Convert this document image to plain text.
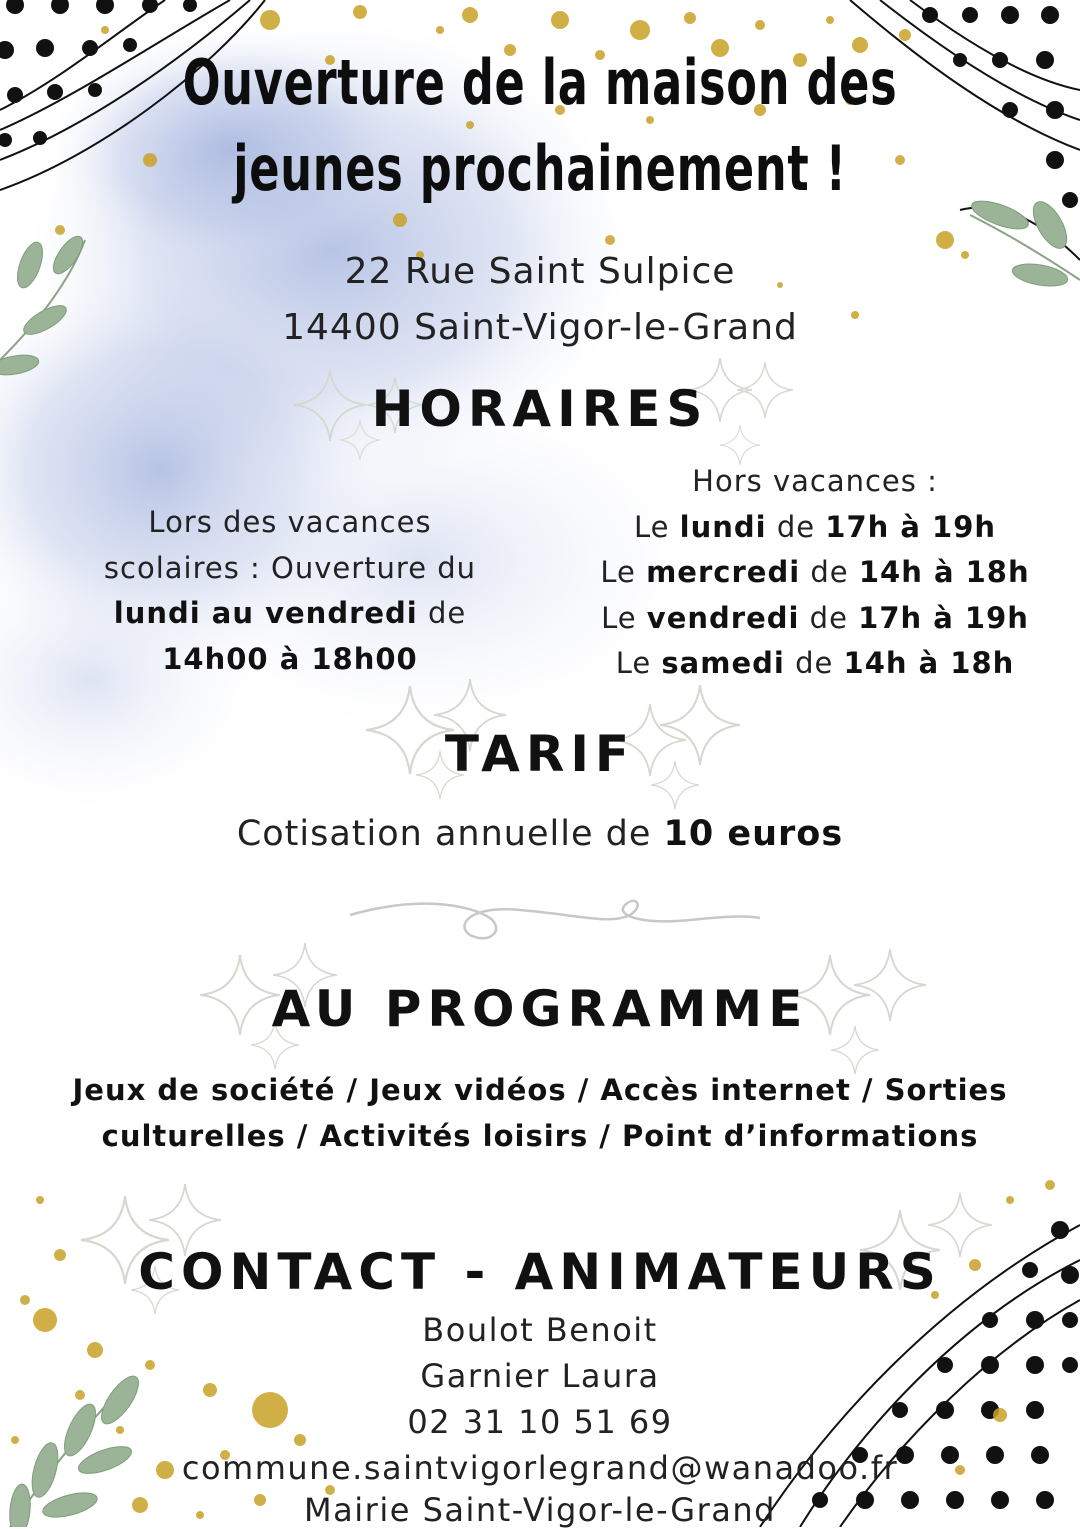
Ouverture de la maison des
jeunes prochainement !
22 Rue Saint Sulpice
14400 Saint-Vigor-le-Grand
HORAIRES
Lors des vacances
scolaires : Ouverture du
lundi au vendredi de
14h00 à 18h00
Hors vacances :
Le lundi de 17h à 19h
Le mercredi de 14h à 18h
Le vendredi de 17h à 19h
Le samedi de 14h à 18h
TARIF
Cotisation annuelle de 10 euros
AU PROGRAMME
Jeux de société / Jeux vidéos / Accès internet / Sorties
culturelles / Activités loisirs / Point d’informations
CONTACT - ANIMATEURS
Boulot Benoit
Garnier Laura
02 31 10 51 69
commune.saintvigorlegrand@wanadoo.fr
Mairie Saint-Vigor-le-Grand
